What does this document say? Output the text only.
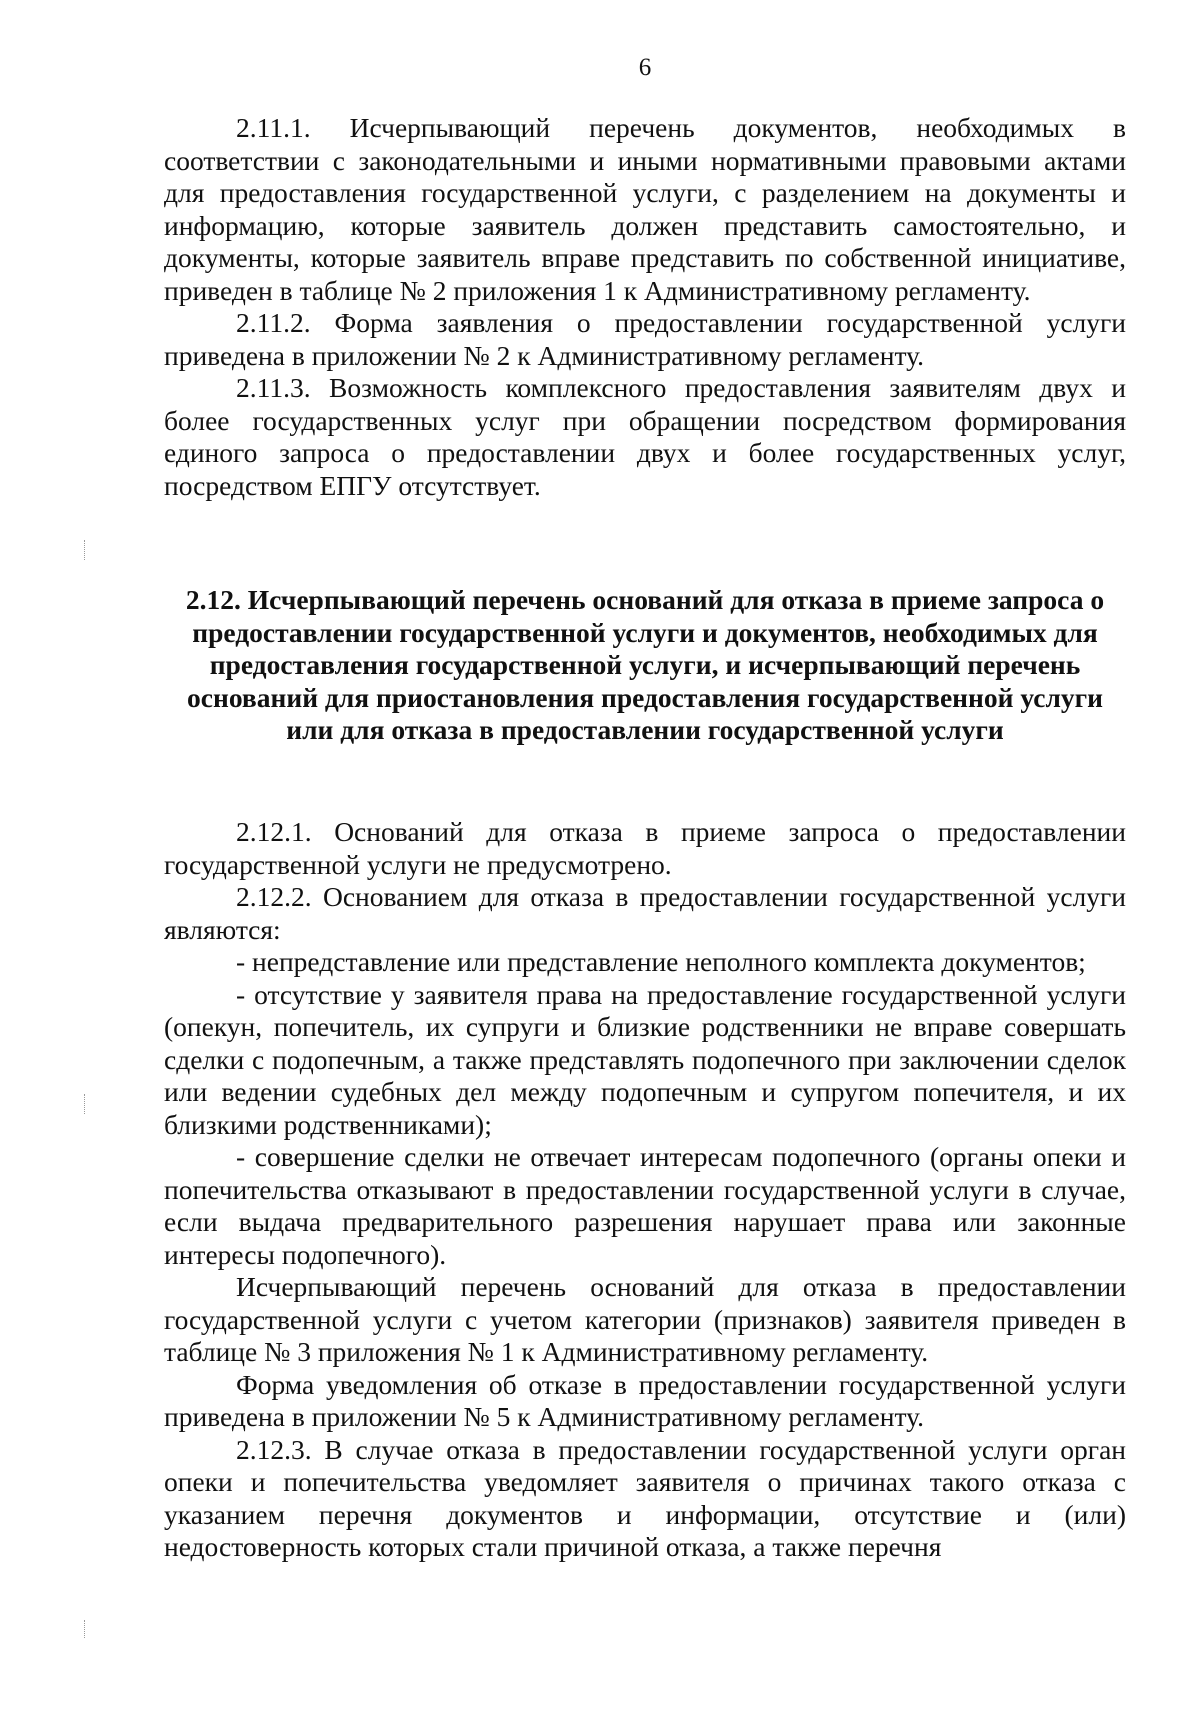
6

2.11.1. Исчерпывающий перечень документов, необходимых в соответствии с законодательными и иными нормативными правовыми актами для предоставления государственной услуги, с разделением на документы и информацию, которые заявитель должен представить самостоятельно, и документы, которые заявитель вправе представить по собственной инициативе, приведен в таблице № 2 приложения 1 к Административному регламенту.

2.11.2. Форма заявления о предоставлении государственной услуги приведена в приложении № 2 к Административному регламенту.

2.11.3. Возможность комплексного предоставления заявителям двух и более государственных услуг при обращении посредством формирования единого запроса о предоставлении двух и более государственных услуг, посредством ЕПГУ отсутствует.

2.12. Исчерпывающий перечень оснований для отказа в приеме запроса о предоставлении государственной услуги и документов, необходимых для предоставления государственной услуги, и исчерпывающий перечень оснований для приостановления предоставления государственной услуги или для отказа в предоставлении государственной услуги

2.12.1. Оснований для отказа в приеме запроса о предоставлении государственной услуги не предусмотрено.

2.12.2. Основанием для отказа в предоставлении государственной услуги являются:

- непредставление или представление неполного комплекта документов;

- отсутствие у заявителя права на предоставление государственной услуги (опекун, попечитель, их супруги и близкие родственники не вправе совершать сделки с подопечным, а также представлять подопечного при заключении сделок или ведении судебных дел между подопечным и супругом попечителя, и их близкими родственниками);

- совершение сделки не отвечает интересам подопечного (органы опеки и попечительства отказывают в предоставлении государственной услуги в случае, если выдача предварительного разрешения нарушает права или законные интересы подопечного).

Исчерпывающий перечень оснований для отказа в предоставлении государственной услуги с учетом категории (признаков) заявителя приведен в таблице № 3 приложения № 1 к Административному регламенту.

Форма уведомления об отказе в предоставлении государственной услуги приведена в приложении № 5 к Административному регламенту.

2.12.3. В случае отказа в предоставлении государственной услуги орган опеки и попечительства уведомляет заявителя о причинах такого отказа с указанием перечня документов и информации, отсутствие и (или) недостоверность которых стали причиной отказа, а также перечня
